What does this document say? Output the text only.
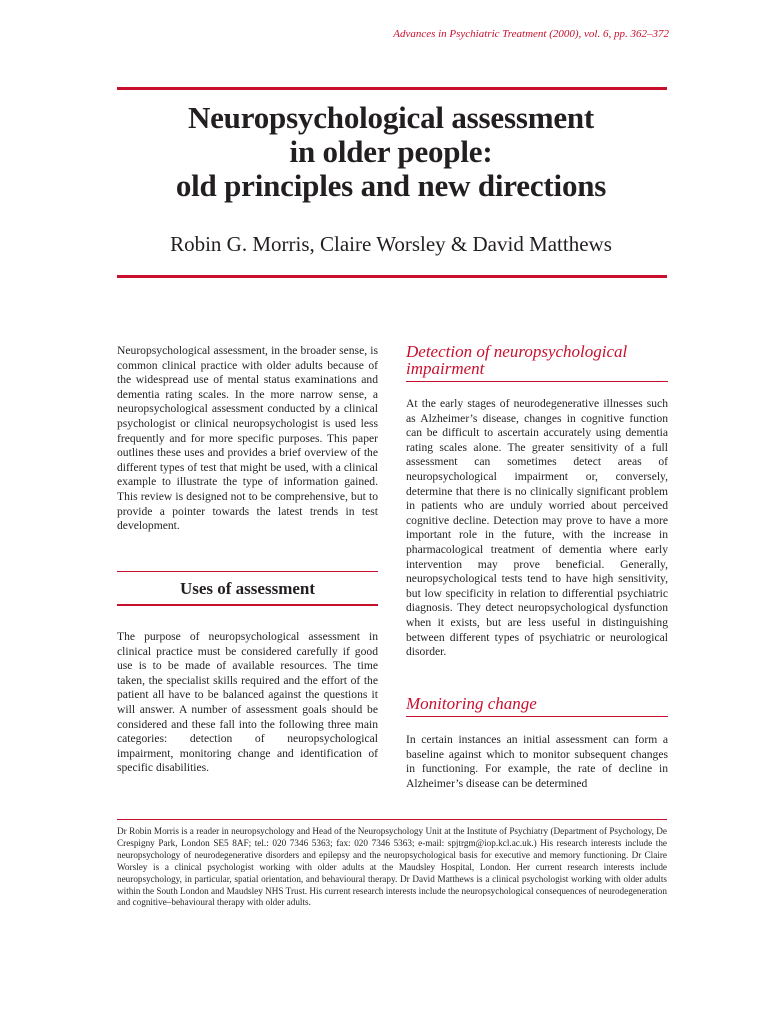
Advances in Psychiatric Treatment (2000), vol. 6, pp. 362–372
Neuropsychological assessment
in older people:
old principles and new directions
Robin G. Morris, Claire Worsley & David Matthews

Neuropsychological assessment, in the broader sense, is common clinical practice with older adults because of the widespread use of mental status examinations and dementia rating scales. In the more narrow sense, a neuropsychological assessment conducted by a clinical psychologist or clinical neuropsychologist is used less frequently and for more specific purposes. This paper outlines these uses and provides a brief overview of the different types of test that might be used, with a clinical example to illustrate the type of information gained. This review is designed not to be comprehensive, but to provide a pointer towards the latest trends in test development.

Uses of assessment

The purpose of neuropsychological assessment in clinical practice must be considered carefully if good use is to be made of available resources. The time taken, the specialist skills required and the effort of the patient all have to be balanced against the questions it will answer. A number of assessment goals should be considered and these fall into the following three main categories: detection of neuropsychological impairment, monitoring change and identification of specific disabilities.

Detection of neuropsychological impairment

At the early stages of neurodegenerative illnesses such as Alzheimer’s disease, changes in cognitive function can be difficult to ascertain accurately using dementia rating scales alone. The greater sensitivity of a full assessment can sometimes detect areas of neuropsychological impairment or, conversely, determine that there is no clinically significant problem in patients who are unduly worried about perceived cognitive decline. Detection may prove to have a more important role in the future, with the increase in pharmacological treatment of dementia where early intervention may prove beneficial. Generally, neuropsychological tests tend to have high sensitivity, but low specificity in relation to differential psychiatric diagnosis. They detect neuropsychological dysfunction when it exists, but are less useful in distinguishing between different types of psychiatric or neurological disorder.

Monitoring change

In certain instances an initial assessment can form a baseline against which to monitor subsequent changes in functioning. For example, the rate of decline in Alzheimer’s disease can be determined

Dr Robin Morris is a reader in neuropsychology and Head of the Neuropsychology Unit at the Institute of Psychiatry (Department of Psychology, De Crespigny Park, London SE5 8AF; tel.: 020 7346 5363; fax: 020 7346 5363; e-mail: spjtrgm@iop.kcl.ac.uk.) His research interests include the neuropsychology of neurodegenerative disorders and epilepsy and the neuropsychological basis for executive and memory functioning. Dr Claire Worsley is a clinical psychologist working with older adults at the Maudsley Hospital, London. Her current research interests include neuropsychology, in particular, spatial orientation, and behavioural therapy. Dr David Matthews is a clinical psychologist working with older adults within the South London and Maudsley NHS Trust. His current research interests include the neuropsychological consequences of neurodegeneration and cognitive–behavioural therapy with older adults.
